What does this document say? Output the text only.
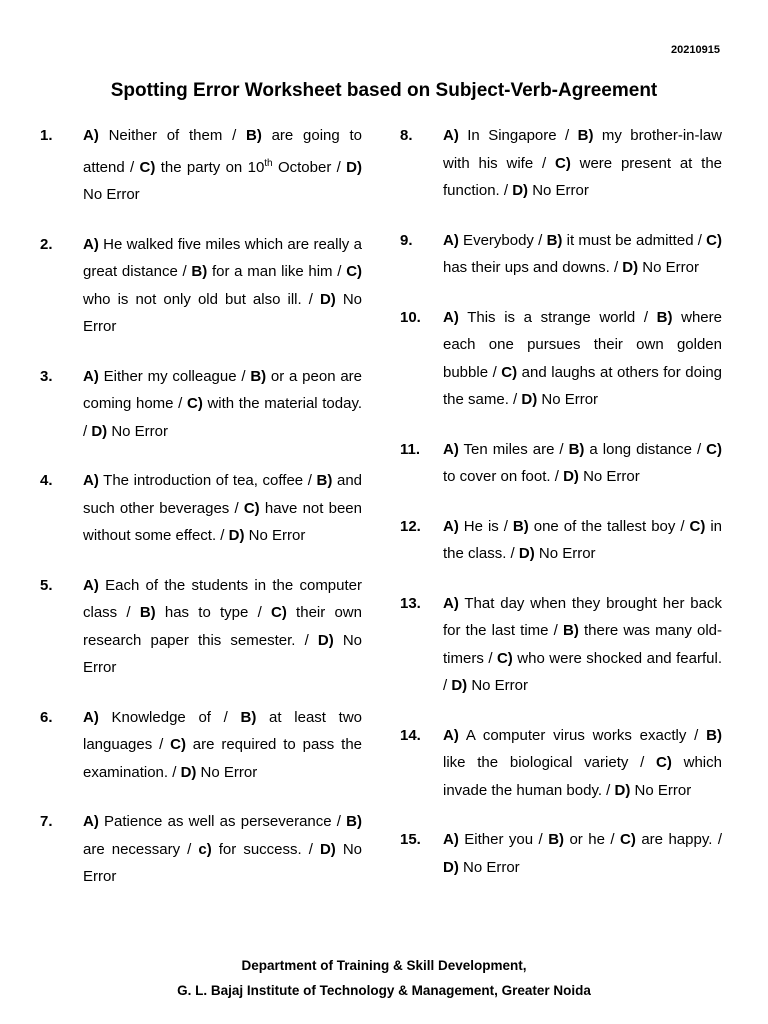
20210915
Spotting Error Worksheet based on Subject-Verb-Agreement
1.	A) Neither of them / B) are going to attend / C) the party on 10th October / D) No Error
2.	A) He walked five miles which are really a great distance / B) for a man like him / C) who is not only old but also ill. / D) No Error
3.	A) Either my colleague / B) or a peon are coming home / C) with the material today. / D) No Error
4.	A) The introduction of tea, coffee / B) and such other beverages / C) have not been without some effect. / D) No Error
5.	A) Each of the students in the computer class / B) has to type / C) their own research paper this semester. / D) No Error
6.	A) Knowledge of / B) at least two languages / C) are required to pass the examination. / D) No Error
7.	A) Patience as well as perseverance / B) are necessary / c) for success. / D) No Error
8.	A) In Singapore / B) my brother-in-law with his wife / C) were present at the function. / D) No Error
9.	A) Everybody / B) it must be admitted / C) has their ups and downs. / D) No Error
10.	A) This is a strange world / B) where each one pursues their own golden bubble / C) and laughs at others for doing the same. / D) No Error
11.	A) Ten miles are / B) a long distance / C) to cover on foot. / D) No Error
12.	A) He is / B) one of the tallest boy / C) in the class. / D) No Error
13.	A) That day when they brought her back for the last time / B) there was many old-timers / C) who were shocked and fearful. / D) No Error
14.	A) A computer virus works exactly / B) like the biological variety / C) which invade the human body. / D) No Error
15.	A) Either you / B) or he / C) are happy. / D) No Error
Department of Training & Skill Development,
G. L. Bajaj Institute of Technology & Management, Greater Noida
